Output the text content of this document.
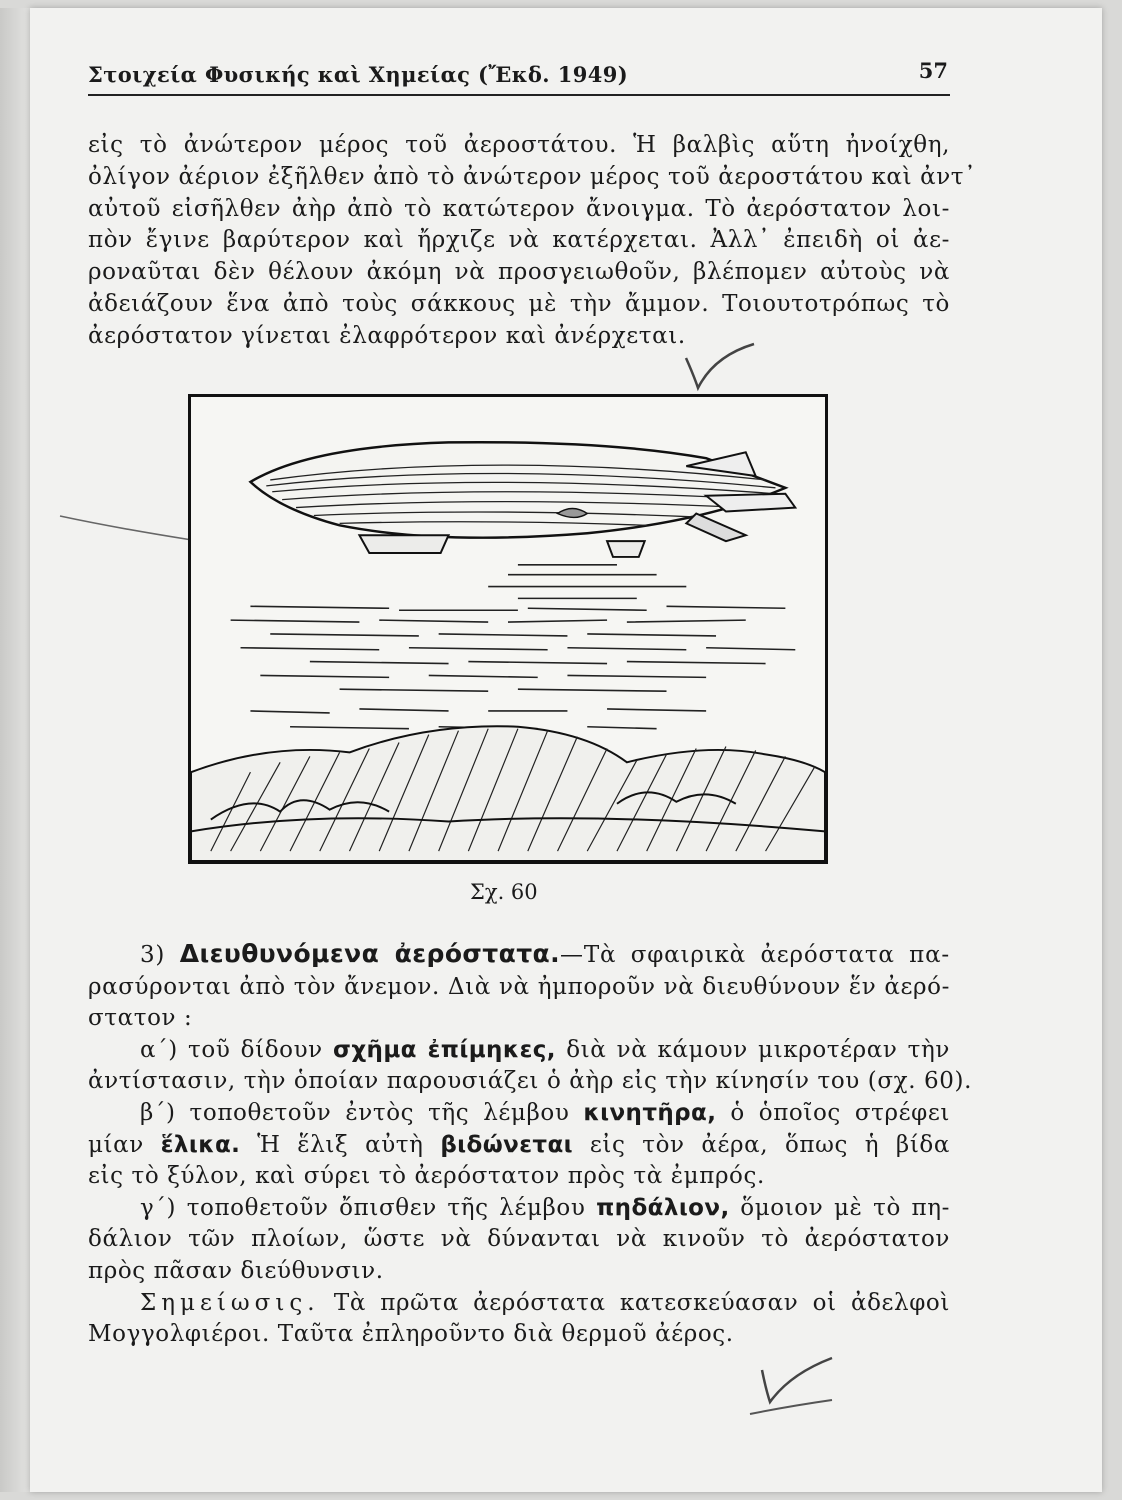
Στοιχεία Φυσικής καὶ Χημείας (Ἔκδ. 1949)	57
εἰς τὸ ἀνώτερον μέρος τοῦ ἀεροστάτου. Ἡ βαλβὶς αὕτη ἠνοίχθη,
ὀλίγον ἀέριον ἐξῆλθεν ἀπὸ τὸ ἀνώτερον μέρος τοῦ ἀεροστάτου καὶ ἀντ᾽
αὐτοῦ εἰσῆλθεν ἀὴρ ἀπὸ τὸ κατώτερον ἄνοιγμα. Τὸ ἀερόστατον λοι-
πὸν ἔγινε βαρύτερον καὶ ἤρχιζε νὰ κατέρχεται. Ἀλλ᾽ ἐπειδὴ οἱ ἀε-
ροναῦται δὲν θέλουν ἀκόμη νὰ προσγειωθοῦν, βλέπομεν αὐτοὺς νὰ
ἀδειάζουν ἕνα ἀπὸ τοὺς σάκκους μὲ τὴν ἄμμον. Τοιουτοτρόπως τὸ
ἀερόστατον γίνεται ἐλαφρότερον καὶ ἀνέρχεται.
Σχ. 60
3) Διευθυνόμενα ἀερόστατα.—Τὰ σφαιρικὰ ἀερόστατα πα-
ρασύρονται ἀπὸ τὸν ἄνεμον. Διὰ νὰ ἠμποροῦν νὰ διευθύνουν ἕν ἀερό-
στατον :
α΄) τοῦ δίδουν σχῆμα ἐπίμηκες, διὰ νὰ κάμουν μικροτέραν τὴν
ἀντίστασιν, τὴν ὁποίαν παρουσιάζει ὁ ἀὴρ εἰς τὴν κίνησίν του (σχ. 60).
β΄) τοποθετοῦν ἐντὸς τῆς λέμβου κινητῆρα, ὁ ὁποῖος στρέφει
μίαν ἕλικα. Ἡ ἕλιξ αὐτὴ βιδώνεται εἰς τὸν ἀέρα, ὅπως ἡ βίδα
εἰς τὸ ξύλον, καὶ σύρει τὸ ἀερόστατον πρὸς τὰ ἐμπρός.
γ΄) τοποθετοῦν ὄπισθεν τῆς λέμβου πηδάλιον, ὅμοιον μὲ τὸ πη-
δάλιον τῶν πλοίων, ὥστε νὰ δύνανται νὰ κινοῦν τὸ ἀερόστατον
πρὸς πᾶσαν διεύθυνσιν.
Σημείωσις. Τὰ πρῶτα ἀερόστατα κατεσκεύασαν οἱ ἀδελφοὶ
Μογγολφιέροι. Ταῦτα ἐπληροῦντο διὰ θερμοῦ ἀέρος.
